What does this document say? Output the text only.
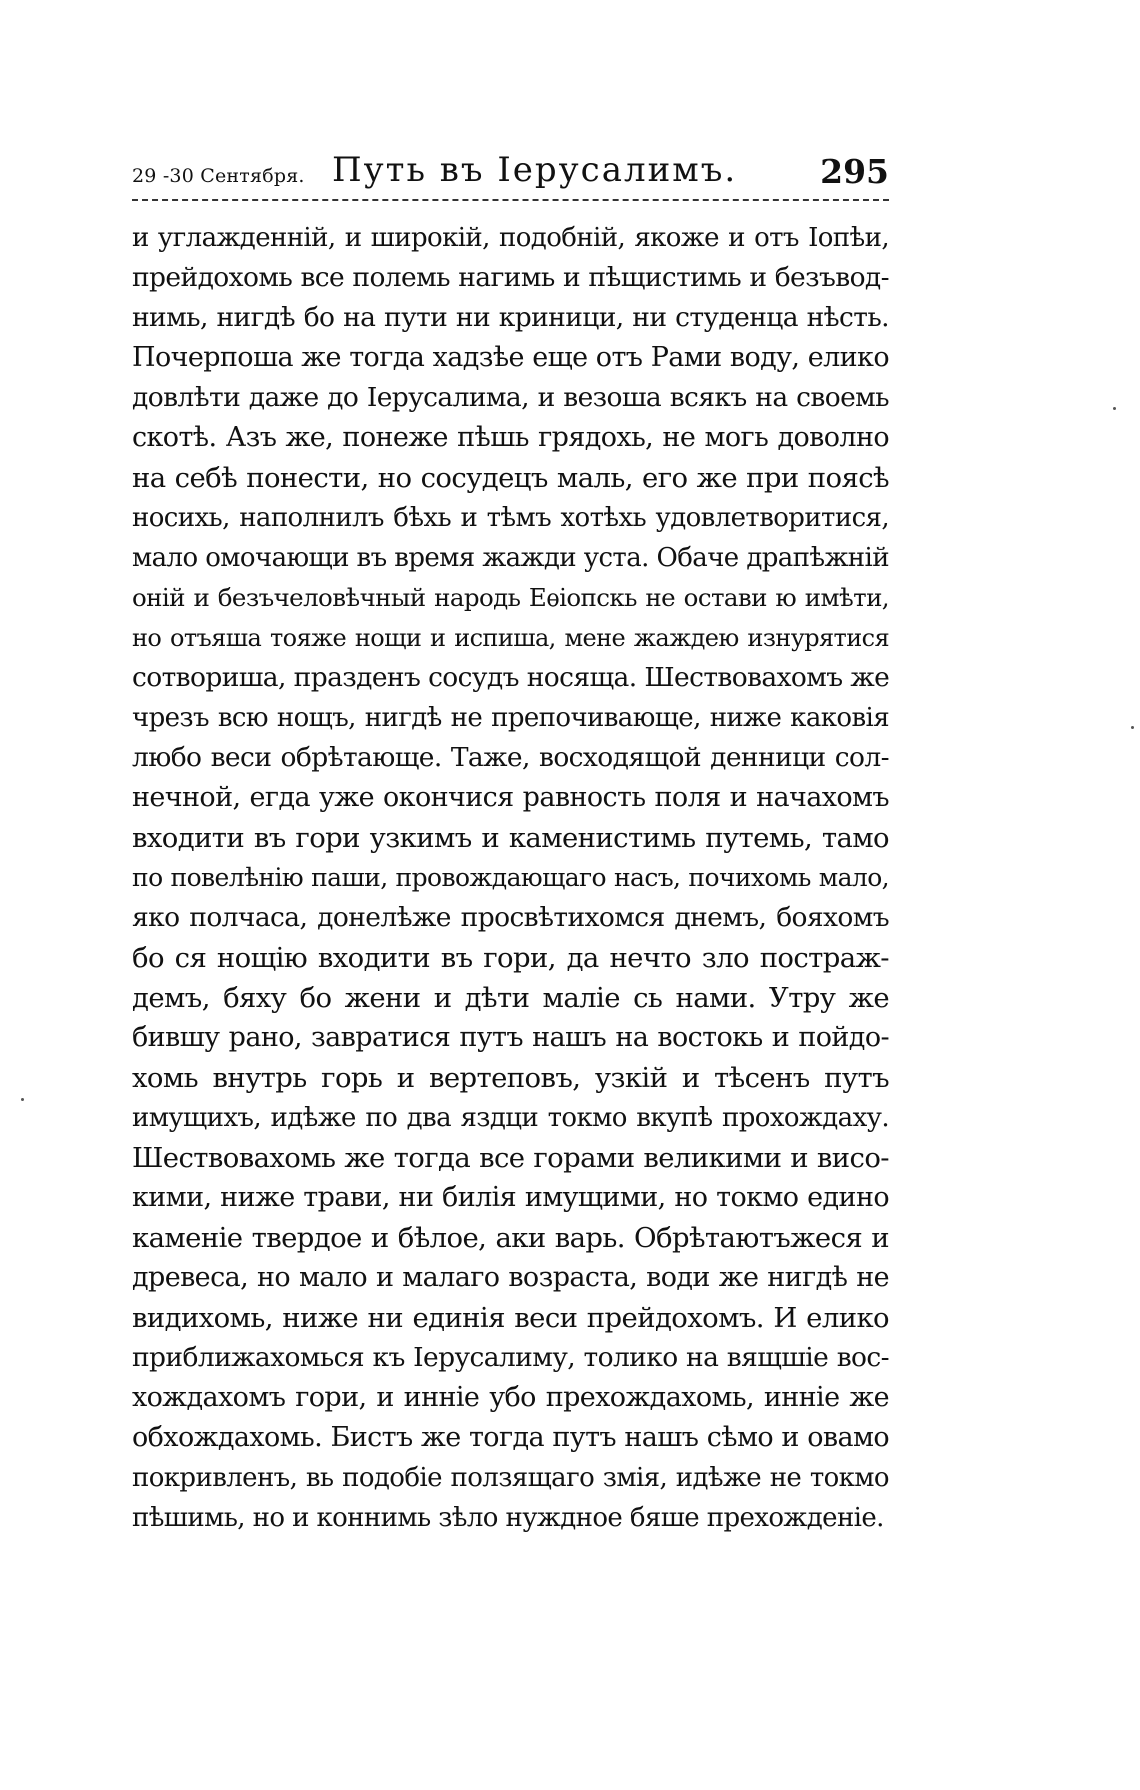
29 -30 Сентября. Путь въ Іерусалимъ.	295
и углажденній, и широкій, подобній, якоже и отъ Іопѣи,
прейдохомь все полемь нагимь и пѣщистимь и безъвод-
нимь, нигдѣ бо на пути ни криници, ни студенца нѣсть.
Почерпоша же тогда хадзѣе еще отъ Рами воду, елико
довлѣти даже до Іерусалима, и везоша всякъ на своемь
скотѣ. Азъ же, понеже пѣшь грядохь, не могь доволно
на себѣ понести, но сосудецъ маль, его же при поясѣ
носихь, наполнилъ бѣхь и тѣмъ хотѣхь удовлетворитися,
мало омочающи въ время жажди уста. Обаче драпѣжній
оній и безъчеловѣчный народь Еѳіопскь не остави ю имѣти,
но отъяша тояже нощи и испиша, мене жаждею изнурятися
сотвориша, празденъ сосудъ носяща. Шествовахомъ же
чрезъ всю нощъ, нигдѣ не препочивающе, ниже каковія
любо веси обрѣтающе. Таже, восходящой денници сол-
нечной, егда уже окончися равность поля и начахомъ
входити въ гори узкимъ и каменистимь путемь, тамо
по повелѣнію паши, провождающаго насъ, почихомь мало,
яко полчаса, донелѣже просвѣтихомся днемъ, бояхомъ
бо ся нощію входити въ гори, да нечто зло пострaж-
демъ, бяху бо жени и дѣти маліе сь нами. Утру же
бившу рано, завратися путъ нашъ на востокь и пойдо-
хомь внутрь горь и вертеповъ, узкій и тѣсенъ путъ
имущихъ, идѣже по два яздци токмо вкупѣ прохождаху.
Шествовахомь же тогда все горами великими и висо-
кими, ниже трави, ни билія имущими, но токмо едино
каменіе твердое и бѣлое, аки варь. Обрѣтаютъжеся и
древеса, но мало и малаго возраста, води же нигдѣ не
видихомь, ниже ни единія веси прейдохомъ. И елико
приближахомься къ Іерусалиму, толико на вящшіе вос-
хождахомъ гори, и инніе убо прехождахомь, инніе же
обхождахомь. Бистъ же тогда путъ нашъ сѣмо и овамо
покривленъ, вь подобіе ползящаго змія, идѣже не токмо
пѣшимь, но и коннимь зѣло нуждное бяше прехожденіе.
